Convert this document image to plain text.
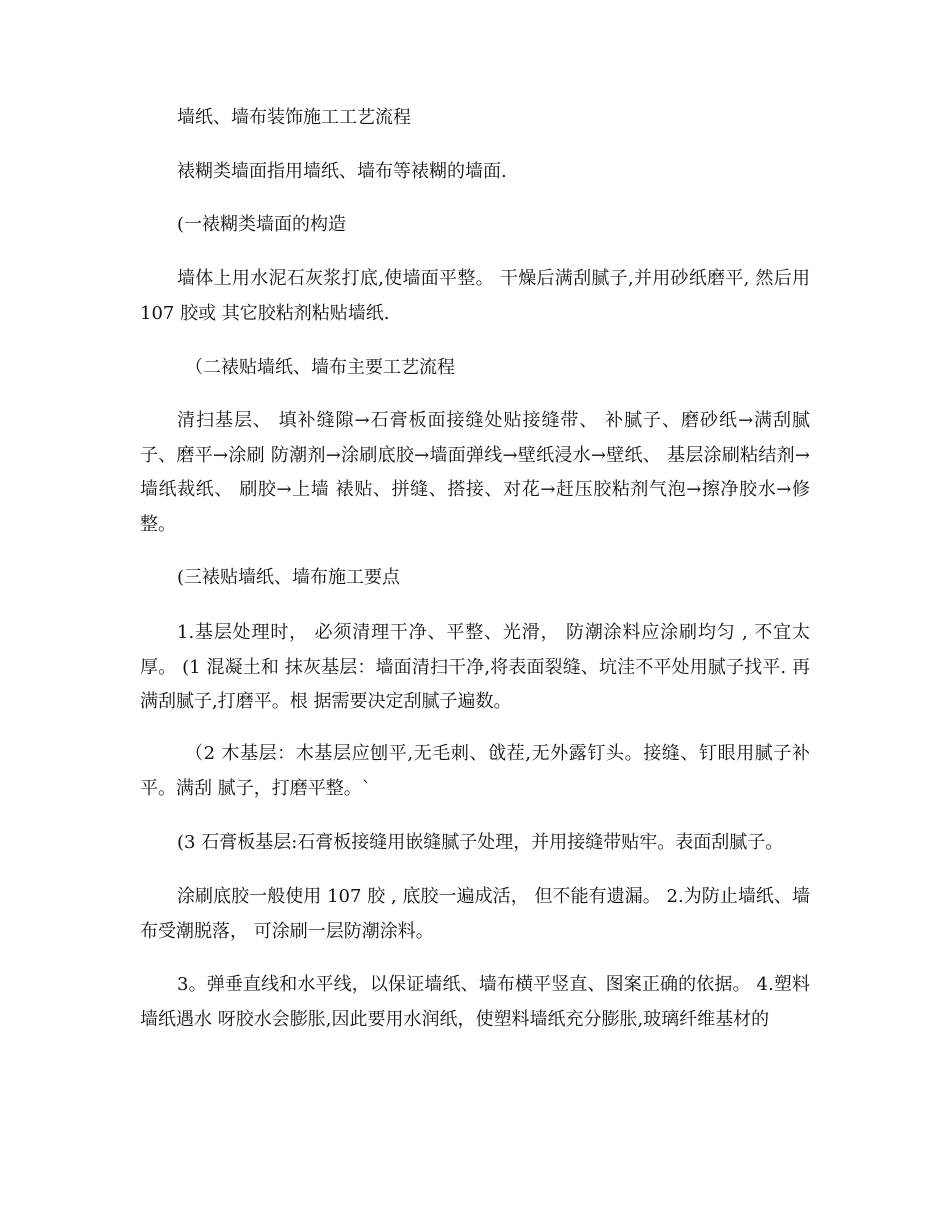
墙纸、墙布装饰施工工艺流程

裱糊类墙面指用墙纸、墙布等裱糊的墙面.

(一裱糊类墙面的构造

墙体上用水泥石灰浆打底,使墙面平整。 干燥后满刮腻子,并用砂纸磨平, 然后用 107 胶或 其它胶粘剂粘贴墙纸.

（二裱贴墙纸、墙布主要工艺流程

清扫基层、 填补缝隙→石膏板面接缝处贴接缝带、 补腻子、磨砂纸→满刮腻子、磨平→涂刷 防潮剂→涂刷底胶→墙面弹线→壁纸浸水→壁纸、 基层涂刷粘结剂→墙纸裁纸、 刷胶→上墙 裱贴、拼缝、搭接、对花→赶压胶粘剂气泡→擦净胶水→修整。

(三裱贴墙纸、墙布施工要点

1.基层处理时， 必须清理干净、平整、光滑， 防潮涂料应涂刷均匀 , 不宜太厚。 (1 混凝土和 抹灰基层：墙面清扫干净,将表面裂缝、坑洼不平处用腻子找平. 再满刮腻子,打磨平。根 据需要决定刮腻子遍数。

（2 木基层：木基层应刨平,无毛刺、戗茬,无外露钉头。接缝、钉眼用腻子补平。满刮 腻子，打磨平整。`

(3 石膏板基层:石膏板接缝用嵌缝腻子处理，并用接缝带贴牢。表面刮腻子。

涂刷底胶一般使用 107 胶 , 底胶一遍成活， 但不能有遗漏。 2.为防止墙纸、墙布受潮脱落， 可涂刷一层防潮涂料。

3。弹垂直线和水平线，以保证墙纸、墙布横平竖直、图案正确的依据。 4.塑料墙纸遇水 呀胶水会膨胀,因此要用水润纸，使塑料墙纸充分膨胀,玻璃纤维基材的
